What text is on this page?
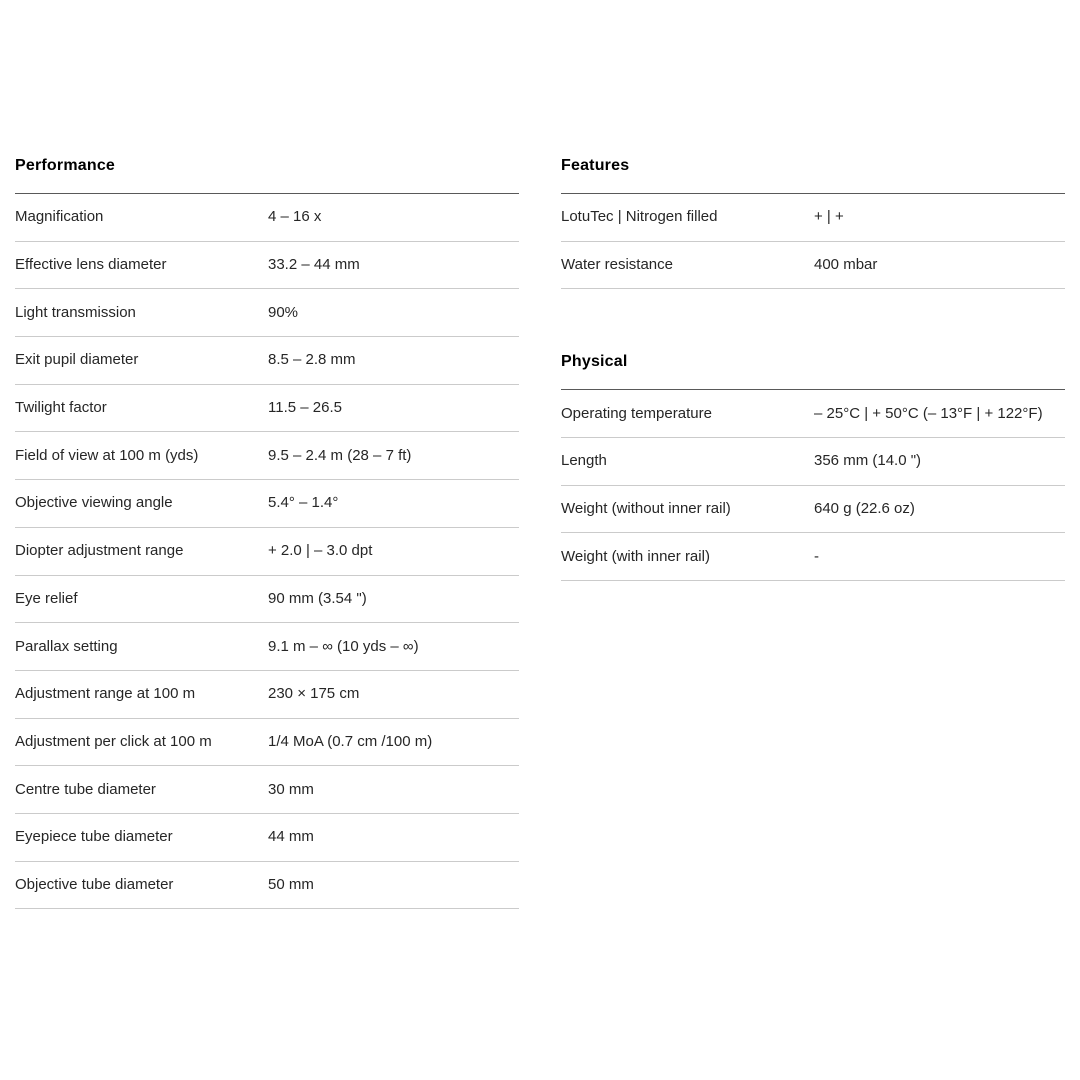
Performance
Magnification	4 – 16 x
Effective lens diameter	33.2 – 44 mm
Light transmission	90%
Exit pupil diameter	8.5 – 2.8 mm
Twilight factor	11.5 – 26.5
Field of view at 100 m (yds)	9.5 – 2.4 m (28 – 7 ft)
Objective viewing angle	5.4° – 1.4°
Diopter adjustment range	+ 2.0 | – 3.0 dpt
Eye relief	90 mm (3.54 ")
Parallax setting	9.1 m – ∞ (10 yds – ∞)
Adjustment range at 100 m	230 × 175 cm
Adjustment per click at 100 m	1/4 MoA (0.7 cm /100 m)
Centre tube diameter	30 mm
Eyepiece tube diameter	44 mm
Objective tube diameter	50 mm
Features
LotuTec | Nitrogen filled	+ | +
Water resistance	400 mbar
Physical
Operating temperature	– 25°C | + 50°C (– 13°F | + 122°F)
Length	356 mm (14.0 ")
Weight (without inner rail)	640 g (22.6 oz)
Weight (with inner rail)	-
